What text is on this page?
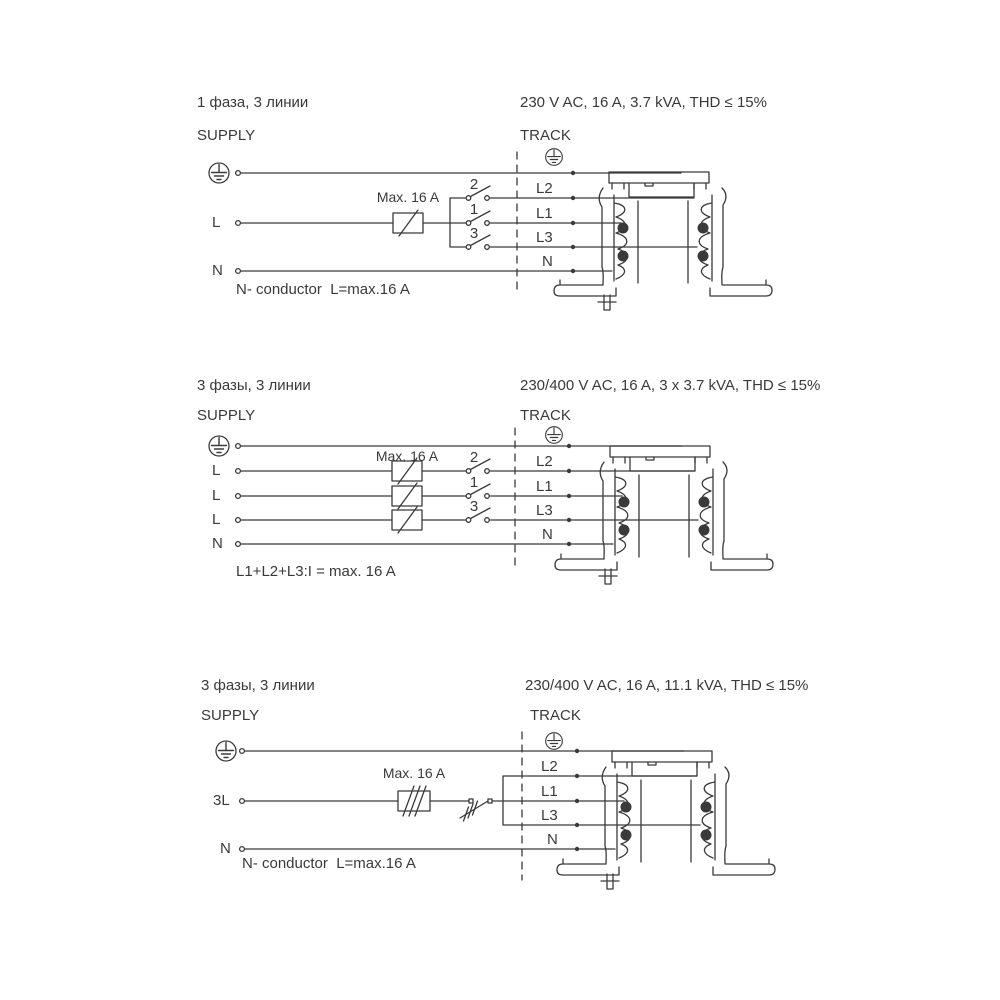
1 фаза, 3 линии	230 V AC, 16 A, 3.7 kVA, THD ≤ 15%
SUPPLY	TRACK
L
N
Max. 16 A
2
1
3
L2
L1
L3
N
N- conductor  L=max.16 A
3 фазы, 3 линии	230/400 V AC, 16 A, 3 x 3.7 kVA, THD ≤ 15%
SUPPLY	TRACK
L
L
L
N
Max. 16 A 2
1
3
L2
L1
L3
N
L1+L2+L3:I = max. 16 A
3 фазы, 3 линии	230/400 V AC, 16 A, 11.1 kVA, THD ≤ 15%
SUPPLY	TRACK
3L
N
Max. 16 A	L2
L1
L3
N
N- conductor  L=max.16 A
